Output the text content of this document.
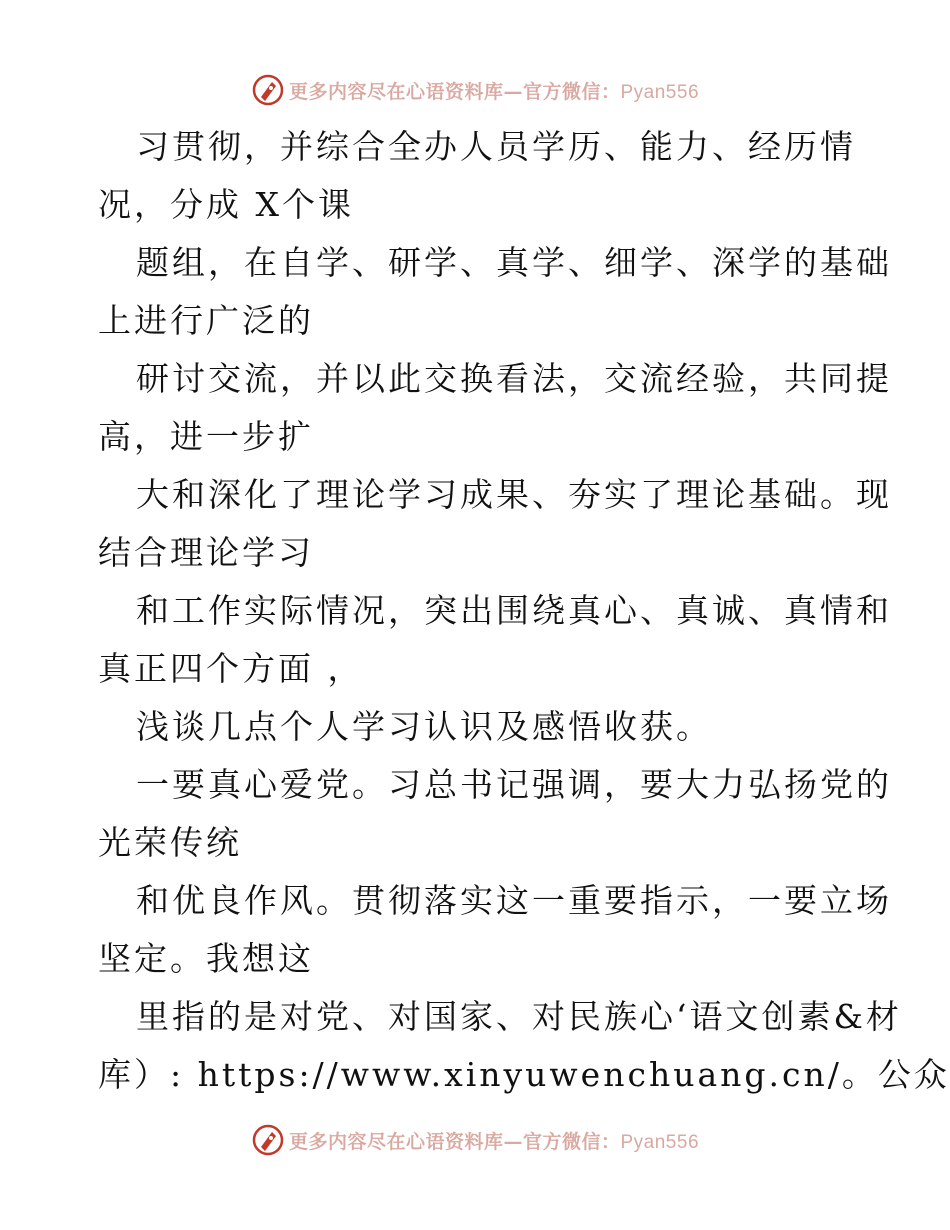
更多内容尽在心语资料库—官方微信：Pyan556
习贯彻，并综合全办人员学历、能力、经历情
况，分成 X个课
题组，在自学、研学、真学、细学、深学的基础
上进行广泛的
研讨交流，并以此交换看法，交流经验，共同提
高，进一步扩
大和深化了理论学习成果、夯实了理论基础。现
结合理论学习
和工作实际情况，突出围绕真心、真诚、真情和
真正四个方面 ，
浅谈几点个人学习认识及感悟收获。
一要真心爱党。习总书记强调，要大力弘扬党的
光荣传统
和优良作风。贯彻落实这一重要指示，一要立场
坚定。我想这
里指的是对党、对国家、对民族心‘语文创素&材
库）: https://www.xinyuwenchuang.cn/。公众
更多内容尽在心语资料库—官方微信：Pyan556
